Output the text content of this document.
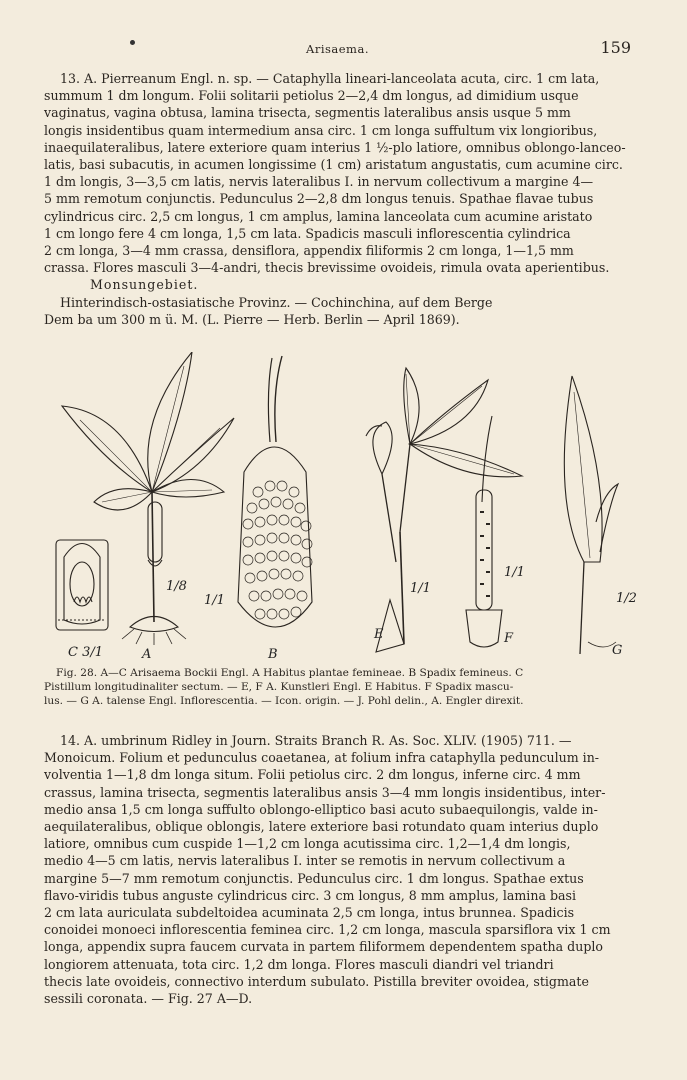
Arisaema.	159
13. A. Pierreanum Engl. n. sp. — Cataphylla lineari-lanceolata acuta, circ. 1 cm lata,
summum 1 dm longum. Folii solitarii petiolus 2—2,4 dm longus, ad dimidium usque
vaginatus, vagina obtusa, lamina trisecta, segmentis lateralibus ansis usque 5 mm
longis insidentibus quam intermedium ansa circ. 1 cm longa suffultum vix longioribus,
inaequilateralibus, latere exteriore quam interius 1 ½-plo latiore, omnibus oblongo-lanceo-
latis, basi subacutis, in acumen longissime (1 cm) aristatum angustatis, cum acumine circ.
1 dm longis, 3—3,5 cm latis, nervis lateralibus I. in nervum collectivum a margine 4—
5 mm remotum conjunctis. Pedunculus 2—2,8 dm longus tenuis. Spathae flavae tubus
cylindricus circ. 2,5 cm longus, 1 cm amplus, lamina lanceolata cum acumine aristato
1 cm longo fere 4 cm longa, 1,5 cm lata. Spadicis masculi inflorescentia cylindrica
2 cm longa, 3—4 mm crassa, densiflora, appendix filiformis 2 cm longa, 1—1,5 mm
crassa. Flores masculi 3—4-andri, thecis brevissime ovoideis, rimula ovata aperientibus.
Monsungebiet.
Hinterindisch-ostasiatische Provinz. — Cochinchina, auf dem Berge
Dem ba um 300 m ü. M. (L. Pierre — Herb. Berlin — April 1869).
C 3/1	A	B
E	F
G
1/8
1/1
1/1
1/1
1/2
Fig. 28. A—C Arisaema Bockii Engl. A Habitus plantae femineae. B Spadix femineus. C
Pistillum longitudinaliter sectum. — E, F A. Kunstleri Engl. E Habitus. F Spadix mascu-
lus. — G A. talense Engl. Inflorescentia. — Icon. origin. — J. Pohl delin., A. Engler direxit.
14. A. umbrinum Ridley in Journ. Straits Branch R. As. Soc. XLIV. (1905) 711. —
Monoicum. Folium et pedunculus coaetanea, at folium infra cataphylla pedunculum in-
volventia 1—1,8 dm longa situm. Folii petiolus circ. 2 dm longus, inferne circ. 4 mm
crassus, lamina trisecta, segmentis lateralibus ansis 3—4 mm longis insidentibus, inter-
medio ansa 1,5 cm longa suffulto oblongo-elliptico basi acuto subaequilongis, valde in-
aequilateralibus, oblique oblongis, latere exteriore basi rotundato quam interius duplo
latiore, omnibus cum cuspide 1—1,2 cm longa acutissima circ. 1,2—1,4 dm longis,
medio 4—5 cm latis, nervis lateralibus I. inter se remotis in nervum collectivum a
margine 5—7 mm remotum conjunctis. Pedunculus circ. 1 dm longus. Spathae extus
flavo-viridis tubus anguste cylindricus circ. 3 cm longus, 8 mm amplus, lamina basi
2 cm lata auriculata subdeltoidea acuminata 2,5 cm longa, intus brunnea. Spadicis
conoidei monoeci inflorescentia feminea circ. 1,2 cm longa, mascula sparsiflora vix 1 cm
longa, appendix supra faucem curvata in partem filiformem dependentem spatha duplo
longiorem attenuata, tota circ. 1,2 dm longa. Flores masculi diandri vel triandri
thecis late ovoideis, connectivo interdum subulato. Pistilla breviter ovoidea, stigmate
sessili coronata. — Fig. 27 A—D.
